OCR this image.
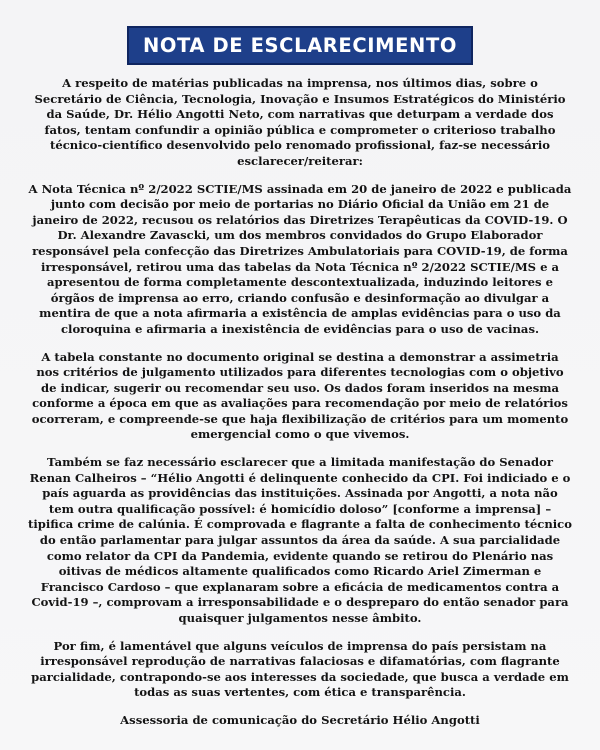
NOTA DE ESCLARECIMENTO

A respeito de matérias publicadas na imprensa, nos últimos dias, sobre o Secretário de Ciência, Tecnologia, Inovação e Insumos Estratégicos do Ministério da Saúde, Dr. Hélio Angotti Neto, com narrativas que deturpam a verdade dos fatos, tentam confundir a opinião pública e comprometer o criterioso trabalho técnico-científico desenvolvido pelo renomado profissional, faz-se necessário esclarecer/reiterar:

A Nota Técnica nº 2/2022 SCTIE/MS assinada em 20 de janeiro de 2022 e publicada junto com decisão por meio de portarias no Diário Oficial da União em 21 de janeiro de 2022, recusou os relatórios das Diretrizes Terapêuticas da COVID-19. O Dr. Alexandre Zavascki, um dos membros convidados do Grupo Elaborador responsável pela confecção das Diretrizes Ambulatoriais para COVID-19, de forma irresponsável, retirou uma das tabelas da Nota Técnica nº 2/2022 SCTIE/MS e a apresentou de forma completamente descontextualizada, induzindo leitores e órgãos de imprensa ao erro, criando confusão e desinformação ao divulgar a mentira de que a nota afirmaria a existência de amplas evidências para o uso da cloroquina e afirmaria a inexistência de evidências para o uso de vacinas.

A tabela constante no documento original se destina a demonstrar a assimetria nos critérios de julgamento utilizados para diferentes tecnologias com o objetivo de indicar, sugerir ou recomendar seu uso. Os dados foram inseridos na mesma conforme a época em que as avaliações para recomendação por meio de relatórios ocorreram, e compreende-se que haja flexibilização de critérios para um momento emergencial como o que vivemos.

Também se faz necessário esclarecer que a limitada manifestação do Senador Renan Calheiros – “Hélio Angotti é delinquente conhecido da CPI. Foi indiciado e o país aguarda as providências das instituições. Assinada por Angotti, a nota não tem outra qualificação possível: é homicídio doloso” [conforme a imprensa] – tipifica crime de calúnia. É comprovada e flagrante a falta de conhecimento técnico do então parlamentar para julgar assuntos da área da saúde. A sua parcialidade como relator da CPI da Pandemia, evidente quando se retirou do Plenário nas oitivas de médicos altamente qualificados como Ricardo Ariel Zimerman e Francisco Cardoso – que explanaram sobre a eficácia de medicamentos contra a Covid-19 –, comprovam a irresponsabilidade e o despreparo do então senador para quaisquer julgamentos nesse âmbito.

Por fim, é lamentável que alguns veículos de imprensa do país persistam na irresponsável reprodução de narrativas falaciosas e difamatórias, com flagrante parcialidade, contrapondo-se aos interesses da sociedade, que busca a verdade em todas as suas vertentes, com ética e transparência.

Assessoria de comunicação do Secretário Hélio Angotti
